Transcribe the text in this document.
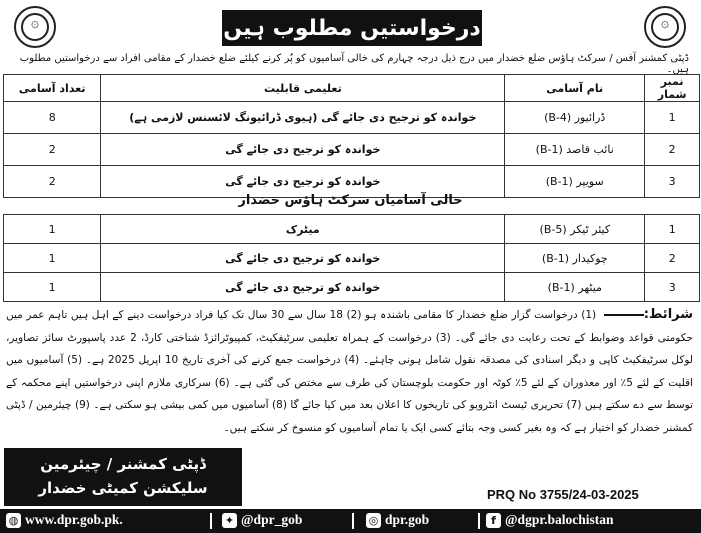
۞	۞
درخواستیں مطلوب ہیں
ڈپٹی کمشنر آفس / سرکٹ ہاؤس ضلع خضدار میں درج ذیل درجہ چہارم کی خالی آسامیوں کو پُر کرنے کیلئے ضلع خضدار کے مقامی افراد سے درخواستیں مطلوب ہیں۔
نمبر شمار	نام آسامی	تعلیمی قابلیت	تعداد آسامی
1	ڈرائیور (B-4)	خواندہ کو ترجیح دی جائے گی (ہیوی ڈرائیونگ لائسنس لازمی ہے)	8
2	نائب قاصد (B-1)	خواندہ کو ترجیح دی جائے گی	2
3	سویپر (B-1)	خواندہ کو ترجیح دی جائے گی	2
خالی آسامیاں سرکٹ ہاؤس خضدار
1	کیئر ٹیکر (B-5)	میٹرک	1
2	چوکیدار (B-1)	خواندہ کو ترجیح دی جائے گی	1
3	میٹھر (B-1)	خواندہ کو ترجیح دی جائے گی	1
شرائط: (1) درخواست گزار ضلع خضدار کا مقامی باشندہ ہو (2) 18 سال سے 30 سال تک کیا فراد درخواست دینے کے اہل ہیں تاہم عمر میں حکومتی قواعد وضوابط کے تحت رعایت دی جائے گی۔ (3) درخواست کے ہمراہ تعلیمی سرٹیفکیٹ، کمپیوٹرائزڈ شناختی کارڈ، 2 عدد پاسپورٹ سائز تصاویر، لوکل سرٹیفکیٹ کاپی و دیگر اسنادی کی مصدقہ نقول شامل ہونی چاہئے۔ (4) درخواست جمع کرنے کی آخری تاریخ 10 اپریل 2025 ہے۔ (5) آسامیوں میں اقلیت کے لئے 5٪ اور معذوران کے لئے 5٪ کوٹہ اور حکومت بلوچستان کی طرف سے مختص کی گئی ہے۔ (6) سرکاری ملازم اپنی درخواستیں اپنے محکمہ کے توسط سے دے سکتے ہیں (7) تحریری ٹیسٹ انٹرویو کی تاریخوں کا اعلان بعد میں کیا جائے گا (8) آسامیوں میں کمی بیشی ہو سکتی ہے۔ (9) چیئرمین / ڈپٹی کمشنر خضدار کو اختیار ہے کہ وہ بغیر کسی وجہ بتائے کسی ایک یا تمام آسامیوں کو منسوخ کر سکتے ہیں۔
ڈپٹی کمشنر / چیئرمین
سلیکشن کمیٹی خضدار	PRQ No 3755/24-03-2025
◍ www.dpr.gob.pk.	✦ @dpr_gob	◎ dpr.gob	f @dgpr.balochistan
